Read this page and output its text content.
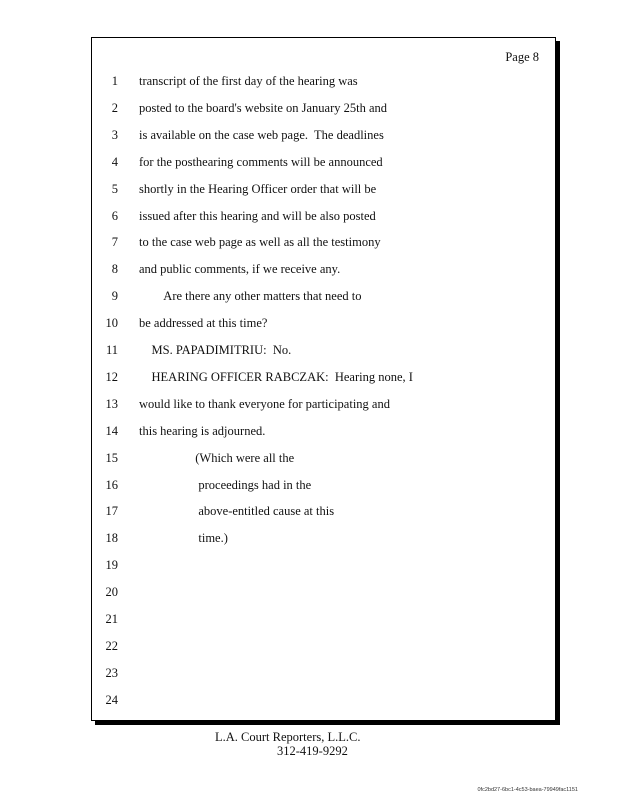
Page 8
1 transcript of the first day of the hearing was
2 posted to the board's website on January 25th and
3 is available on the case web page.  The deadlines
4 for the posthearing comments will be announced
5 shortly in the Hearing Officer order that will be
6 issued after this hearing and will be also posted
7 to the case web page as well as all the testimony
8 and public comments, if we receive any.
9 Are there any other matters that need to
10 be addressed at this time?
11 MS. PAPADIMITRIU:  No.
12 HEARING OFFICER RABCZAK:  Hearing none, I
13 would like to thank everyone for participating and
14 this hearing is adjourned.
15 (Which were all the
16 proceedings had in the
17 above-entitled cause at this
18 time.)
19
20
21
22
23
24
L.A. Court Reporters, L.L.C.
312-419-9292
0fc2bd27-6bc1-4c53-baea-79949fac1151
